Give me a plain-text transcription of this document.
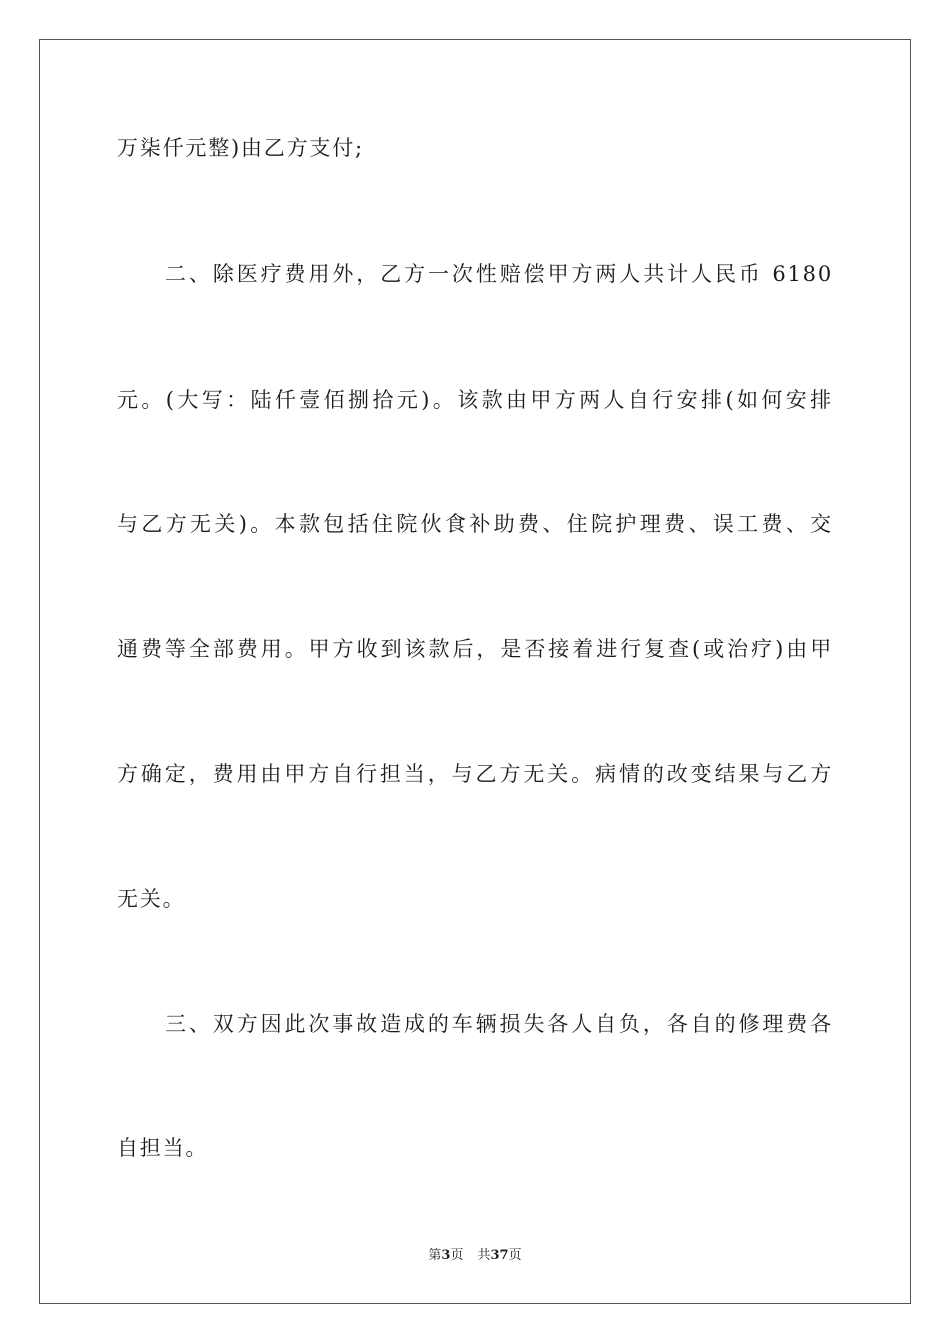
万柒仟元整)由乙方支付;

二、除医疗费用外，乙方一次性赔偿甲方两人共计人民币 6180

元。(大写：陆仟壹佰捌拾元)。该款由甲方两人自行安排(如何安排

与乙方无关)。本款包括住院伙食补助费、住院护理费、误工费、交

通费等全部费用。甲方收到该款后，是否接着进行复查(或治疗)由甲

方确定，费用由甲方自行担当，与乙方无关。病情的改变结果与乙方

无关。

三、双方因此次事故造成的车辆损失各人自负，各自的修理费各

自担当。

第3页 共37页
